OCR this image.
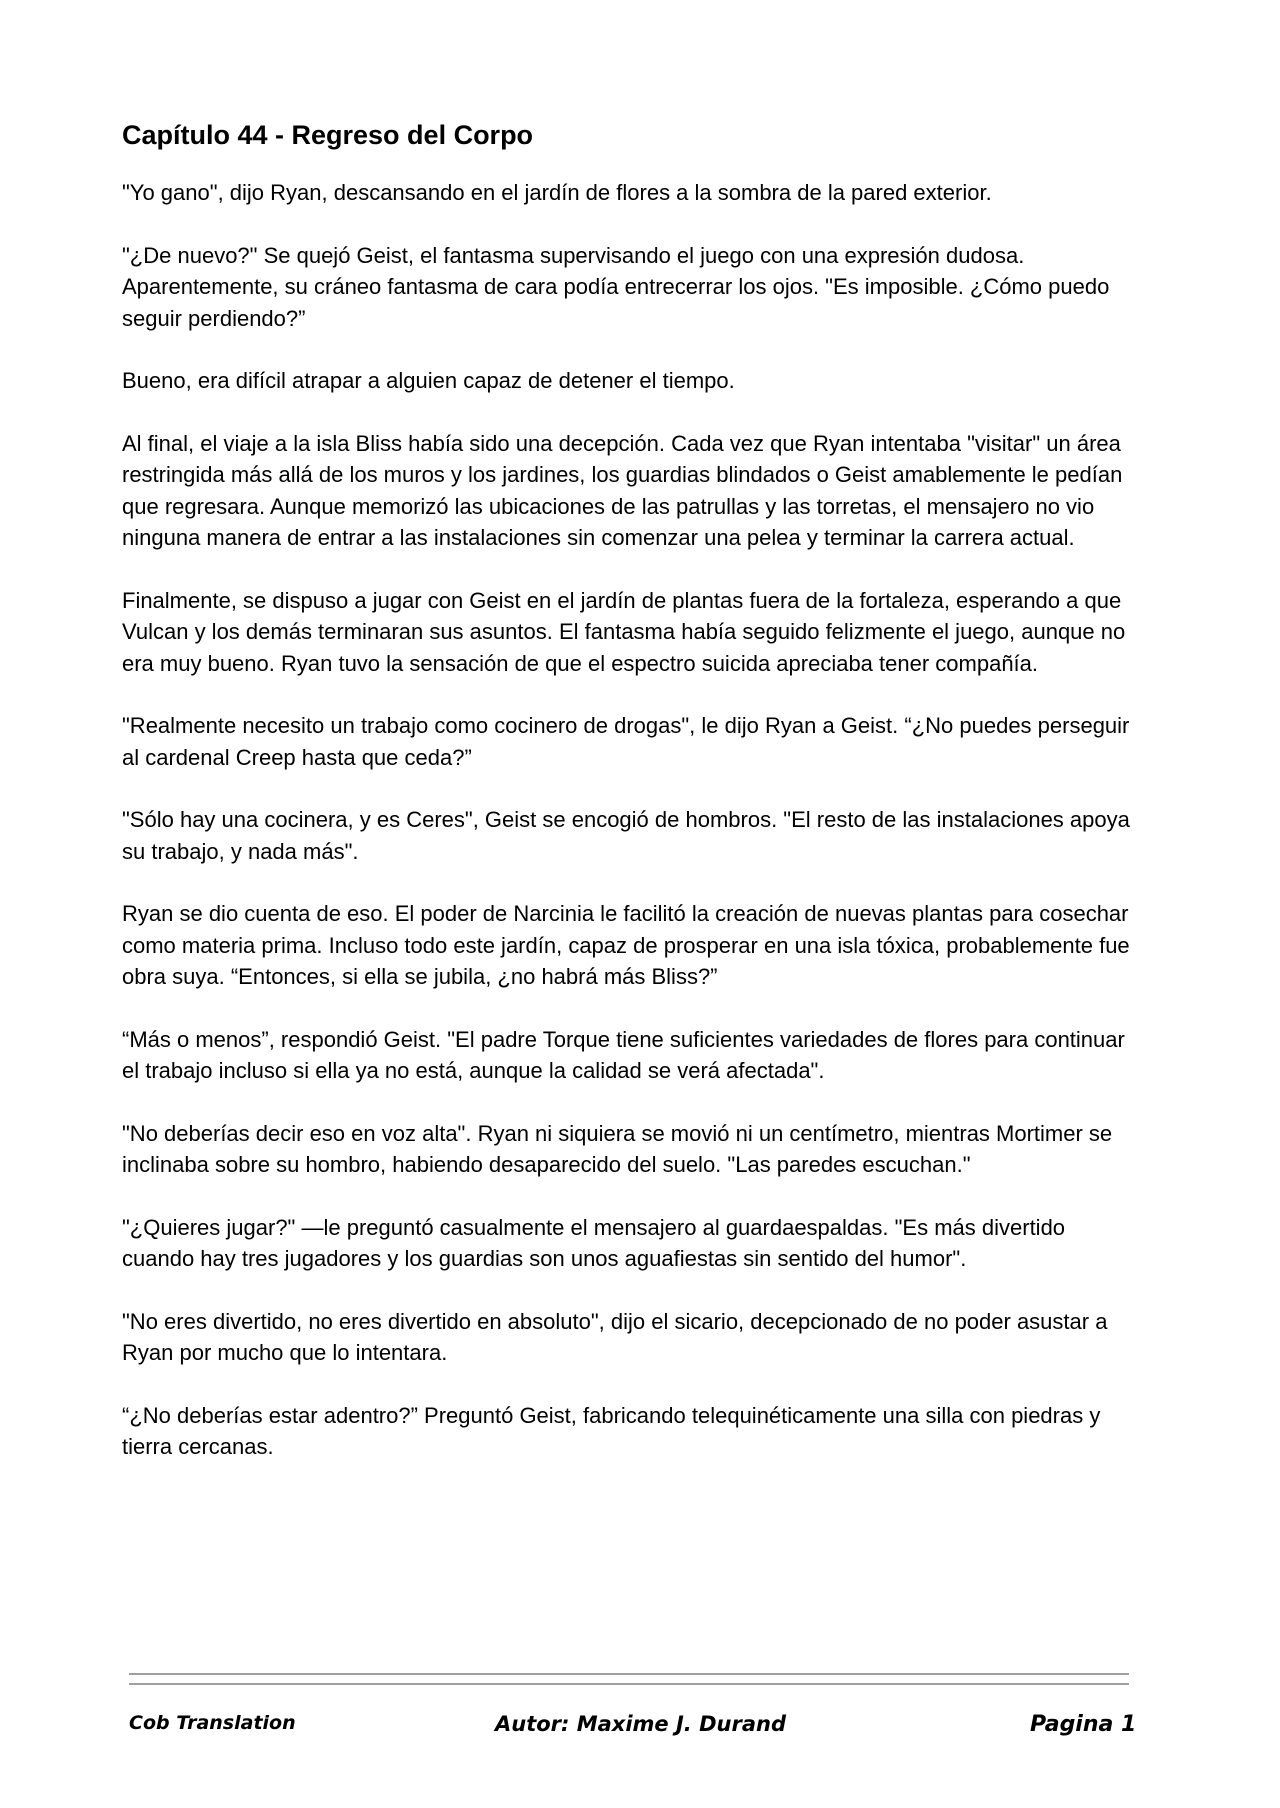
Capítulo 44 - Regreso del Corpo

"Yo gano", dijo Ryan, descansando en el jardín de flores a la sombra de la pared exterior.

"¿De nuevo?" Se quejó Geist, el fantasma supervisando el juego con una expresión dudosa. Aparentemente, su cráneo fantasma de cara podía entrecerrar los ojos. "Es imposible. ¿Cómo puedo seguir perdiendo?”

Bueno, era difícil atrapar a alguien capaz de detener el tiempo.

Al final, el viaje a la isla Bliss había sido una decepción. Cada vez que Ryan intentaba "visitar" un área restringida más allá de los muros y los jardines, los guardias blindados o Geist amablemente le pedían que regresara. Aunque memorizó las ubicaciones de las patrullas y las torretas, el mensajero no vio ninguna manera de entrar a las instalaciones sin comenzar una pelea y terminar la carrera actual.

Finalmente, se dispuso a jugar con Geist en el jardín de plantas fuera de la fortaleza, esperando a que Vulcan y los demás terminaran sus asuntos. El fantasma había seguido felizmente el juego, aunque no era muy bueno. Ryan tuvo la sensación de que el espectro suicida apreciaba tener compañía.

"Realmente necesito un trabajo como cocinero de drogas", le dijo Ryan a Geist. “¿No puedes perseguir al cardenal Creep hasta que ceda?”

"Sólo hay una cocinera, y es Ceres", Geist se encogió de hombros. "El resto de las instalaciones apoya su trabajo, y nada más".

Ryan se dio cuenta de eso. El poder de Narcinia le facilitó la creación de nuevas plantas para cosechar como materia prima. Incluso todo este jardín, capaz de prosperar en una isla tóxica, probablemente fue obra suya. “Entonces, si ella se jubila, ¿no habrá más Bliss?”

“Más o menos”, respondió Geist. "El padre Torque tiene suficientes variedades de flores para continuar el trabajo incluso si ella ya no está, aunque la calidad se verá afectada".

"No deberías decir eso en voz alta". Ryan ni siquiera se movió ni un centímetro, mientras Mortimer se inclinaba sobre su hombro, habiendo desaparecido del suelo. "Las paredes escuchan."

"¿Quieres jugar?" —le preguntó casualmente el mensajero al guardaespaldas. "Es más divertido cuando hay tres jugadores y los guardias son unos aguafiestas sin sentido del humor".

"No eres divertido, no eres divertido en absoluto", dijo el sicario, decepcionado de no poder asustar a Ryan por mucho que lo intentara.

“¿No deberías estar adentro?” Preguntó Geist, fabricando telequinéticamente una silla con piedras y tierra cercanas.

Cob Translation	Autor: Maxime J. Durand	Pagina 1
